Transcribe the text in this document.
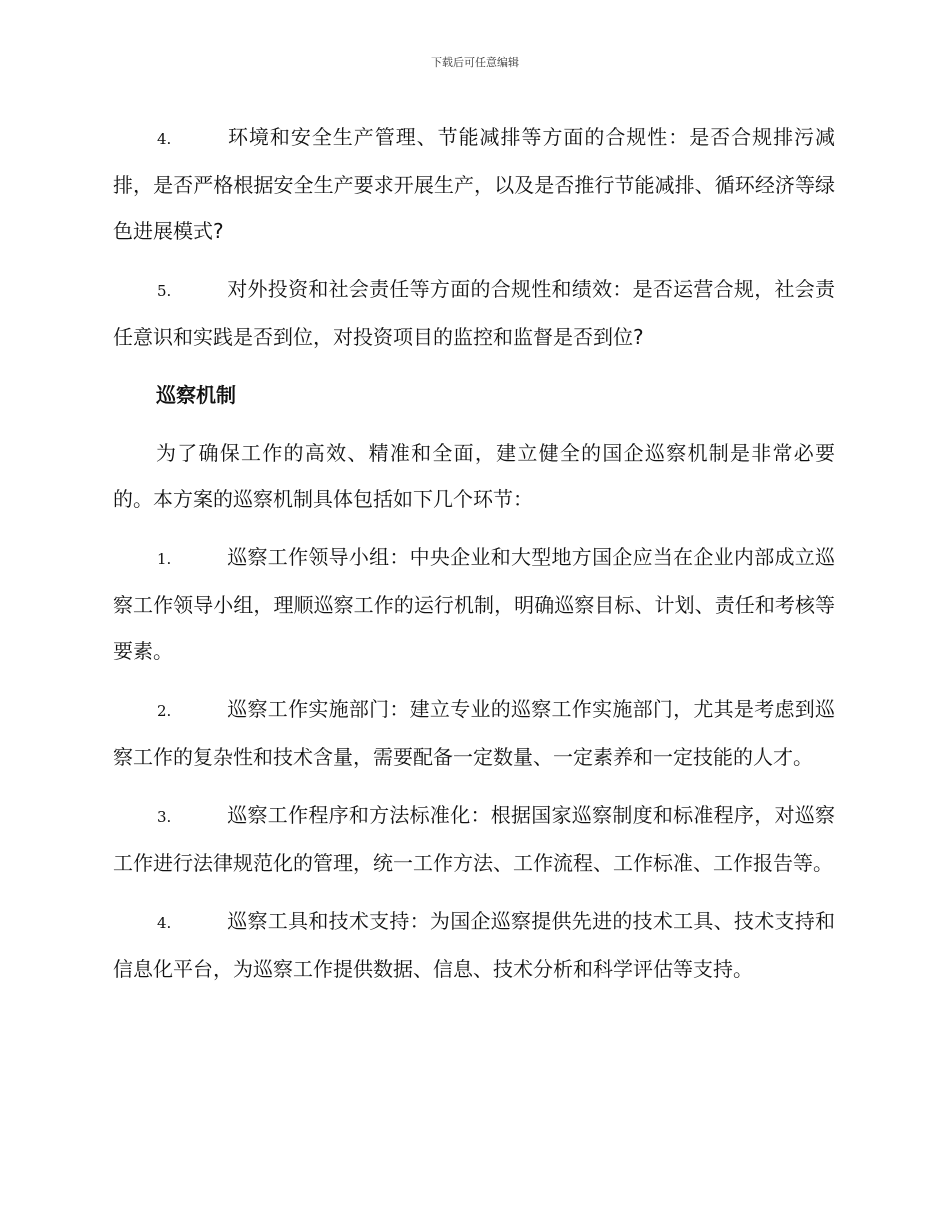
下载后可任意编辑
4.	环境和安全生产管理、节能减排等方面的合规性：是否合规排污减排，是否严格根据安全生产要求开展生产，以及是否推行节能减排、循环经济等绿色进展模式?
5.	对外投资和社会责任等方面的合规性和绩效：是否运营合规，社会责任意识和实践是否到位，对投资项目的监控和监督是否到位?
巡察机制
为了确保工作的高效、精准和全面，建立健全的国企巡察机制是非常必要的。本方案的巡察机制具体包括如下几个环节：
1.	巡察工作领导小组：中央企业和大型地方国企应当在企业内部成立巡察工作领导小组，理顺巡察工作的运行机制，明确巡察目标、计划、责任和考核等要素。
2.	巡察工作实施部门：建立专业的巡察工作实施部门，尤其是考虑到巡察工作的复杂性和技术含量，需要配备一定数量、一定素养和一定技能的人才。
3.	巡察工作程序和方法标准化：根据国家巡察制度和标准程序，对巡察工作进行法律规范化的管理，统一工作方法、工作流程、工作标准、工作报告等。
4.	巡察工具和技术支持：为国企巡察提供先进的技术工具、技术支持和信息化平台，为巡察工作提供数据、信息、技术分析和科学评估等支持。
